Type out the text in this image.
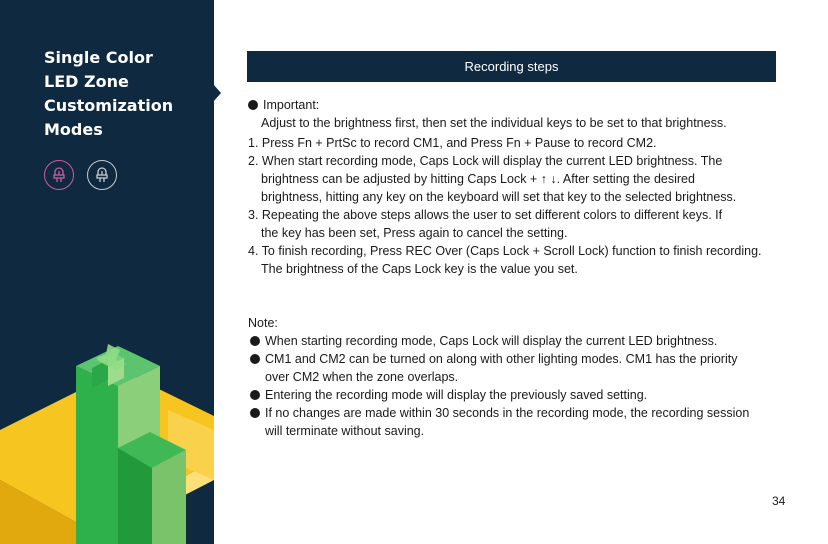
Single Color
LED Zone
Customization
Modes
Recording steps
Important:
Adjust to the brightness first, then set the individual keys to be set to that brightness.
1. Press Fn + PrtSc to record CM1, and Press Fn + Pause to record CM2.
2. When start recording mode, Caps Lock will display the current LED brightness. The
brightness can be adjusted by hitting Caps Lock + ↑ ↓. After setting the desired
brightness, hitting any key on the keyboard will set that key to the selected brightness.
3. Repeating the above steps allows the user to set different colors to different keys. If
the key has been set, Press again to cancel the setting.
4. To finish recording, Press REC Over (Caps Lock + Scroll Lock) function to finish recording.
The brightness of the Caps Lock key is the value you set.
Note:
When starting recording mode, Caps Lock will display the current LED brightness.
CM1 and CM2 can be turned on along with other lighting modes. CM1 has the priority
over CM2 when the zone overlaps.
Entering the recording mode will display the previously saved setting.
If no changes are made within 30 seconds in the recording mode, the recording session
will terminate without saving.
34
